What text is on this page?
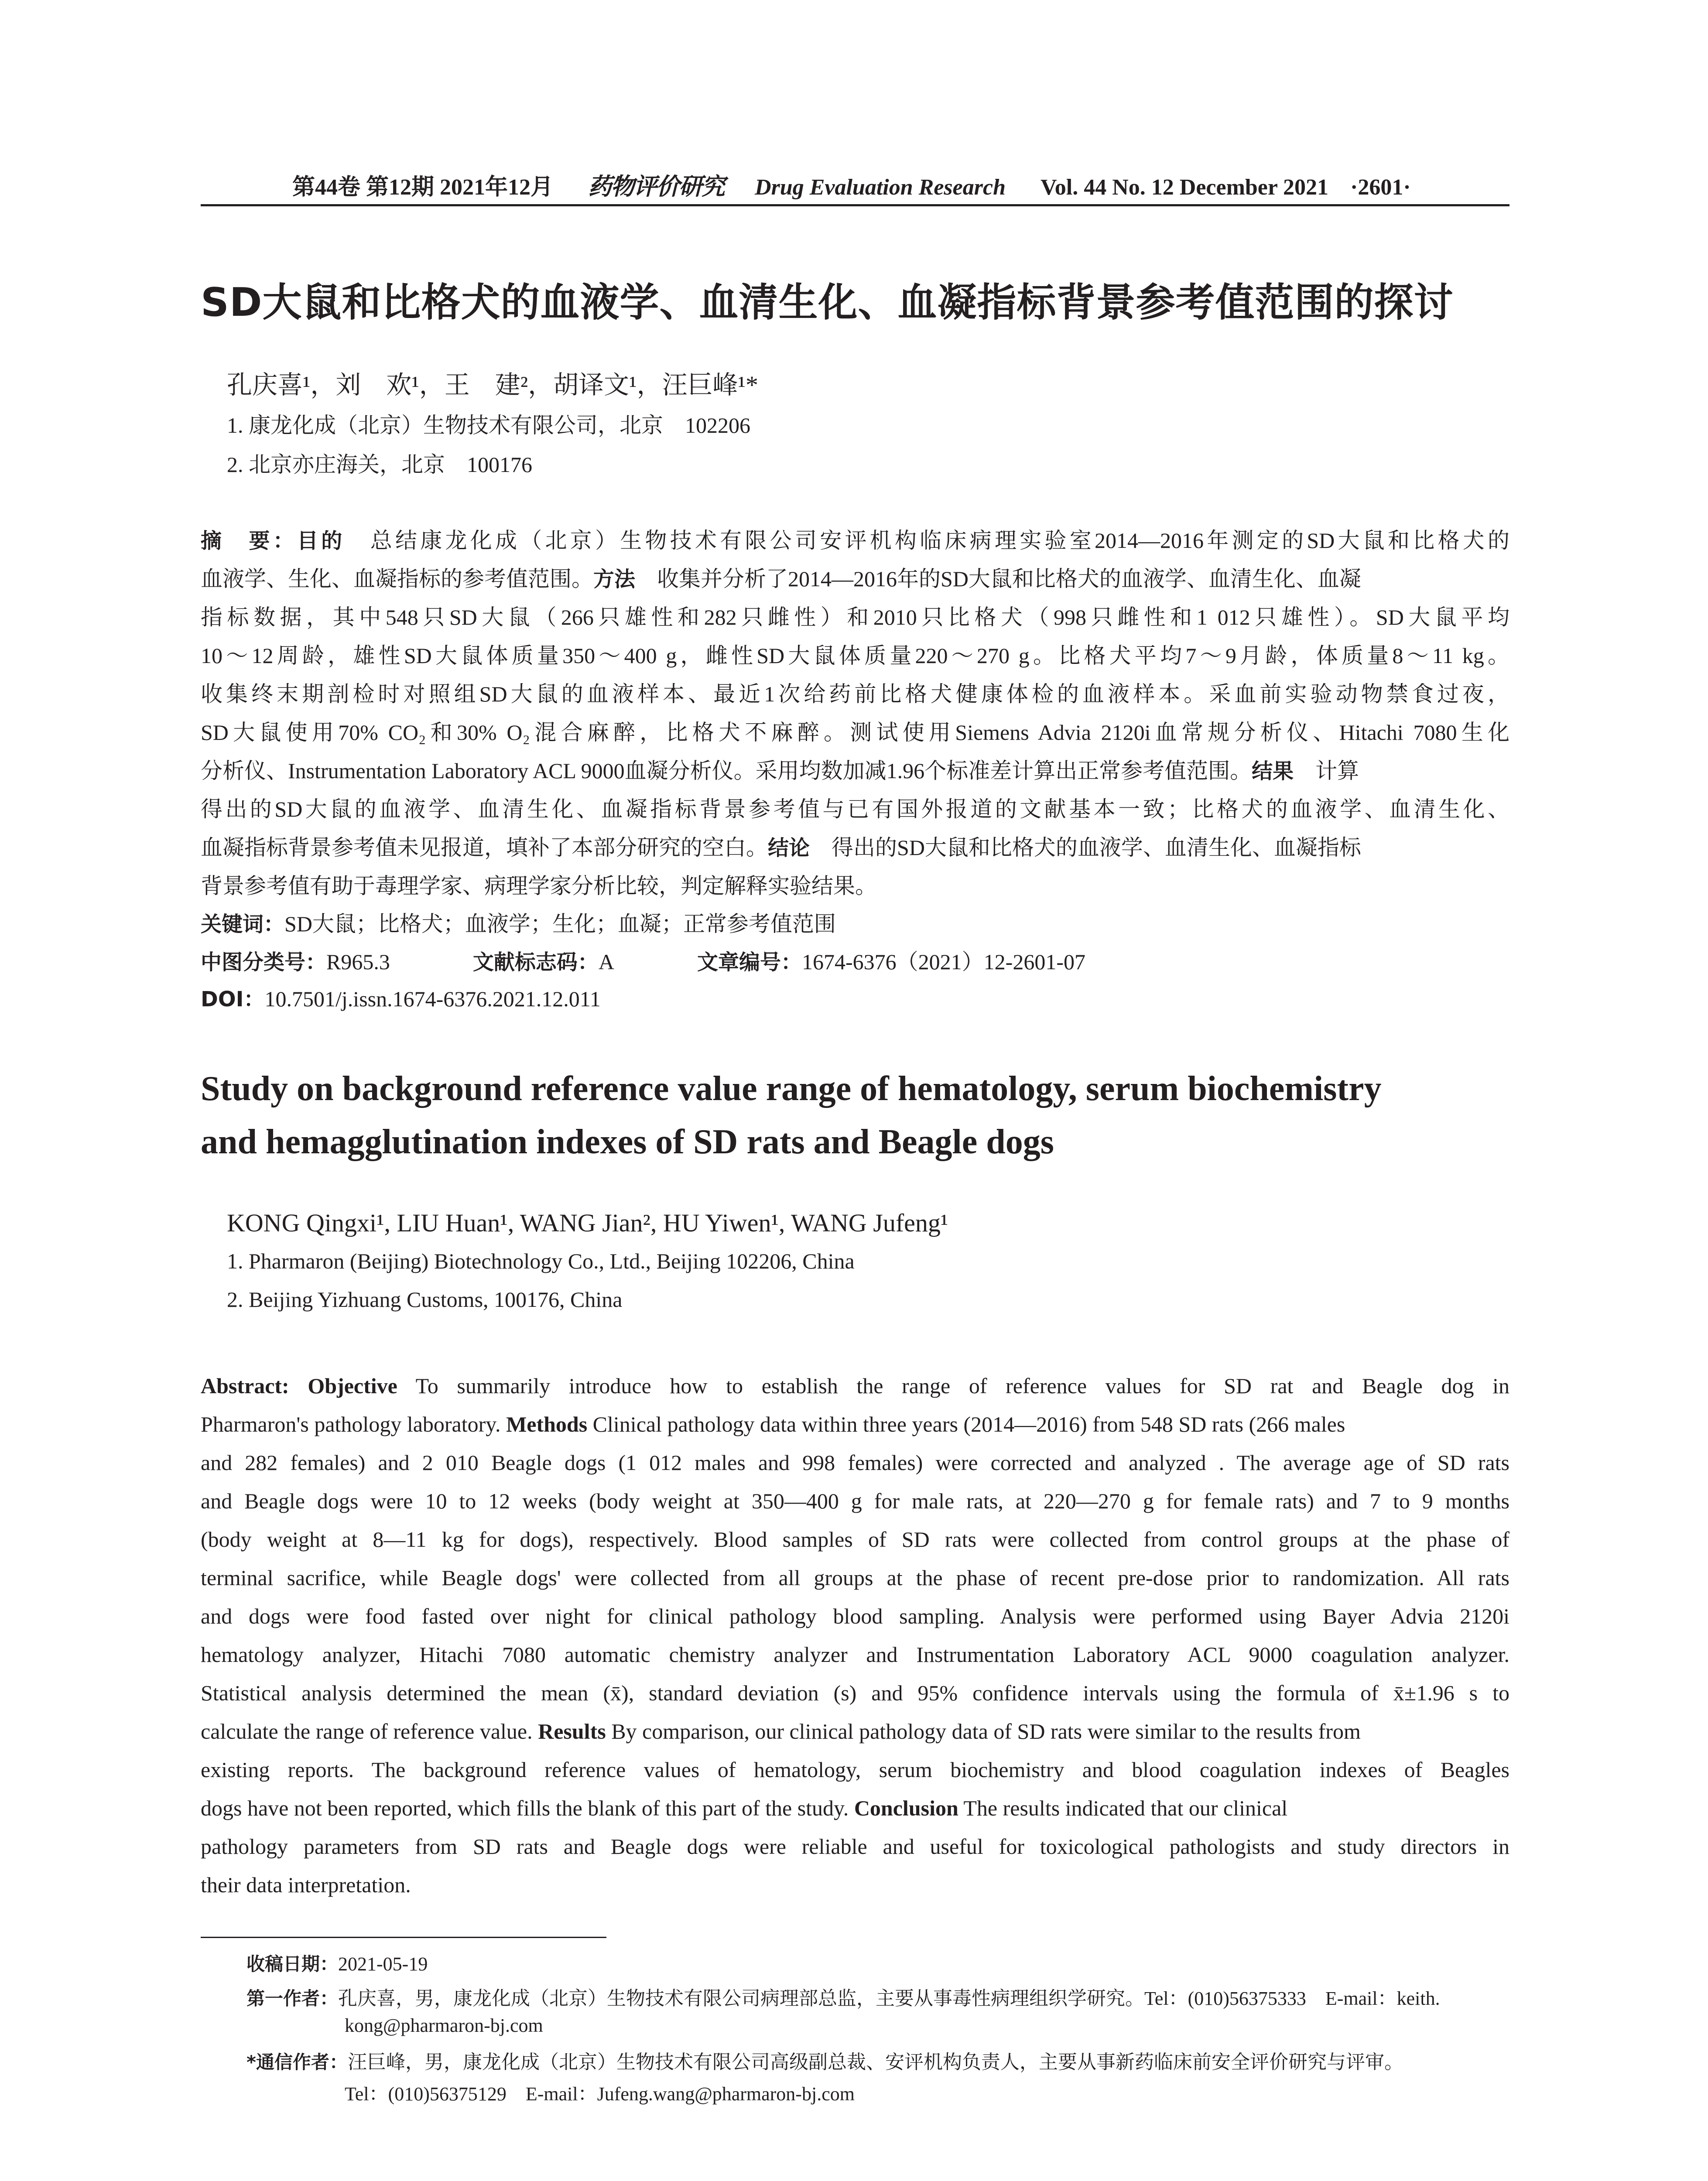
第44卷 第12期 2021年12月 药物评价研究 Drug Evaluation Research Vol. 44 No. 12 December 2021 ·2601·
SD大鼠和比格犬的血液学、血清生化、血凝指标背景参考值范围的探讨
孔庆喜¹，刘　欢¹，王　建²，胡译文¹，汪巨峰¹*
1. 康龙化成（北京）生物技术有限公司，北京　102206
2. 北京亦庄海关，北京　100176
摘　要：目的  总结康龙化成（北京）生物技术有限公司安评机构临床病理实验室2014—2016年测定的SD大鼠和比格犬的
血液学、生化、血凝指标的参考值范围。方法  收集并分析了2014—2016年的SD大鼠和比格犬的血液学、血清生化、血凝
指标数据，其中548只SD大鼠（266只雄性和282只雌性）和2010只比格犬（998只雌性和1 012只雄性）。SD大鼠平均
10～12周龄，雄性SD大鼠体质量350～400 g，雌性SD大鼠体质量220～270 g。比格犬平均7～9月龄，体质量8～11 kg。
收集终末期剖检时对照组SD大鼠的血液样本、最近1次给药前比格犬健康体检的血液样本。采血前实验动物禁食过夜，
SD大鼠使用70% CO₂和30% O₂混合麻醉，比格犬不麻醉。测试使用Siemens Advia 2120i血常规分析仪、Hitachi 7080生化
分析仪、Instrumentation Laboratory ACL 9000血凝分析仪。采用均数加减1.96个标准差计算出正常参考值范围。结果  计算
得出的SD大鼠的血液学、血清生化、血凝指标背景参考值与已有国外报道的文献基本一致；比格犬的血液学、血清生化、
血凝指标背景参考值未见报道，填补了本部分研究的空白。结论  得出的SD大鼠和比格犬的血液学、血清生化、血凝指标
背景参考值有助于毒理学家、病理学家分析比较，判定解释实验结果。
关键词：SD大鼠；比格犬；血液学；生化；血凝；正常参考值范围
中图分类号：R965.3	文献标志码：A	文章编号：1674-6376（2021）12-2601-07
DOI：10.7501/j.issn.1674-6376.2021.12.011
Study on background reference value range of hematology, serum biochemistry
and hemagglutination indexes of SD rats and Beagle dogs
KONG Qingxi¹, LIU Huan¹, WANG Jian², HU Yiwen¹, WANG Jufeng¹
1. Pharmaron (Beijing) Biotechnology Co., Ltd., Beijing 102206, China
2. Beijing Yizhuang Customs, 100176, China
Abstract: Objective To summarily introduce how to establish the range of reference values for SD rat and Beagle dog in
Pharmaron's pathology laboratory. Methods Clinical pathology data within three years (2014—2016) from 548 SD rats (266 males
and 282 females) and 2 010 Beagle dogs (1 012 males and 998 females) were corrected and analyzed . The average age of SD rats
and Beagle dogs were 10 to 12 weeks (body weight at 350—400 g for male rats, at 220—270 g for female rats) and 7 to 9 months
(body weight at 8—11 kg for dogs), respectively. Blood samples of SD rats were collected from control groups at the phase of
terminal sacrifice, while Beagle dogs' were collected from all groups at the phase of recent pre-dose prior to randomization. All rats
and dogs were food fasted over night for clinical pathology blood sampling. Analysis were performed using Bayer Advia 2120i
hematology analyzer, Hitachi 7080 automatic chemistry analyzer and Instrumentation Laboratory ACL 9000 coagulation analyzer.
Statistical analysis determined the mean (x̄), standard deviation (s) and 95% confidence intervals using the formula of x̄±1.96 s to
calculate the range of reference value. Results By comparison, our clinical pathology data of SD rats were similar to the results from
existing reports. The background reference values of hematology, serum biochemistry and blood coagulation indexes of Beagles
dogs have not been reported, which fills the blank of this part of the study. Conclusion The results indicated that our clinical
pathology parameters from SD rats and Beagle dogs were reliable and useful for toxicological pathologists and study directors in
their data interpretation.
收稿日期：2021-05-19
第一作者：孔庆喜，男，康龙化成（北京）生物技术有限公司病理部总监，主要从事毒性病理组织学研究。Tel：(010)56375333　E-mail：keith.
kong@pharmaron-bj.com
*通信作者：汪巨峰，男，康龙化成（北京）生物技术有限公司高级副总裁、安评机构负责人，主要从事新药临床前安全评价研究与评审。
Tel：(010)56375129　E-mail：Jufeng.wang@pharmaron-bj.com
